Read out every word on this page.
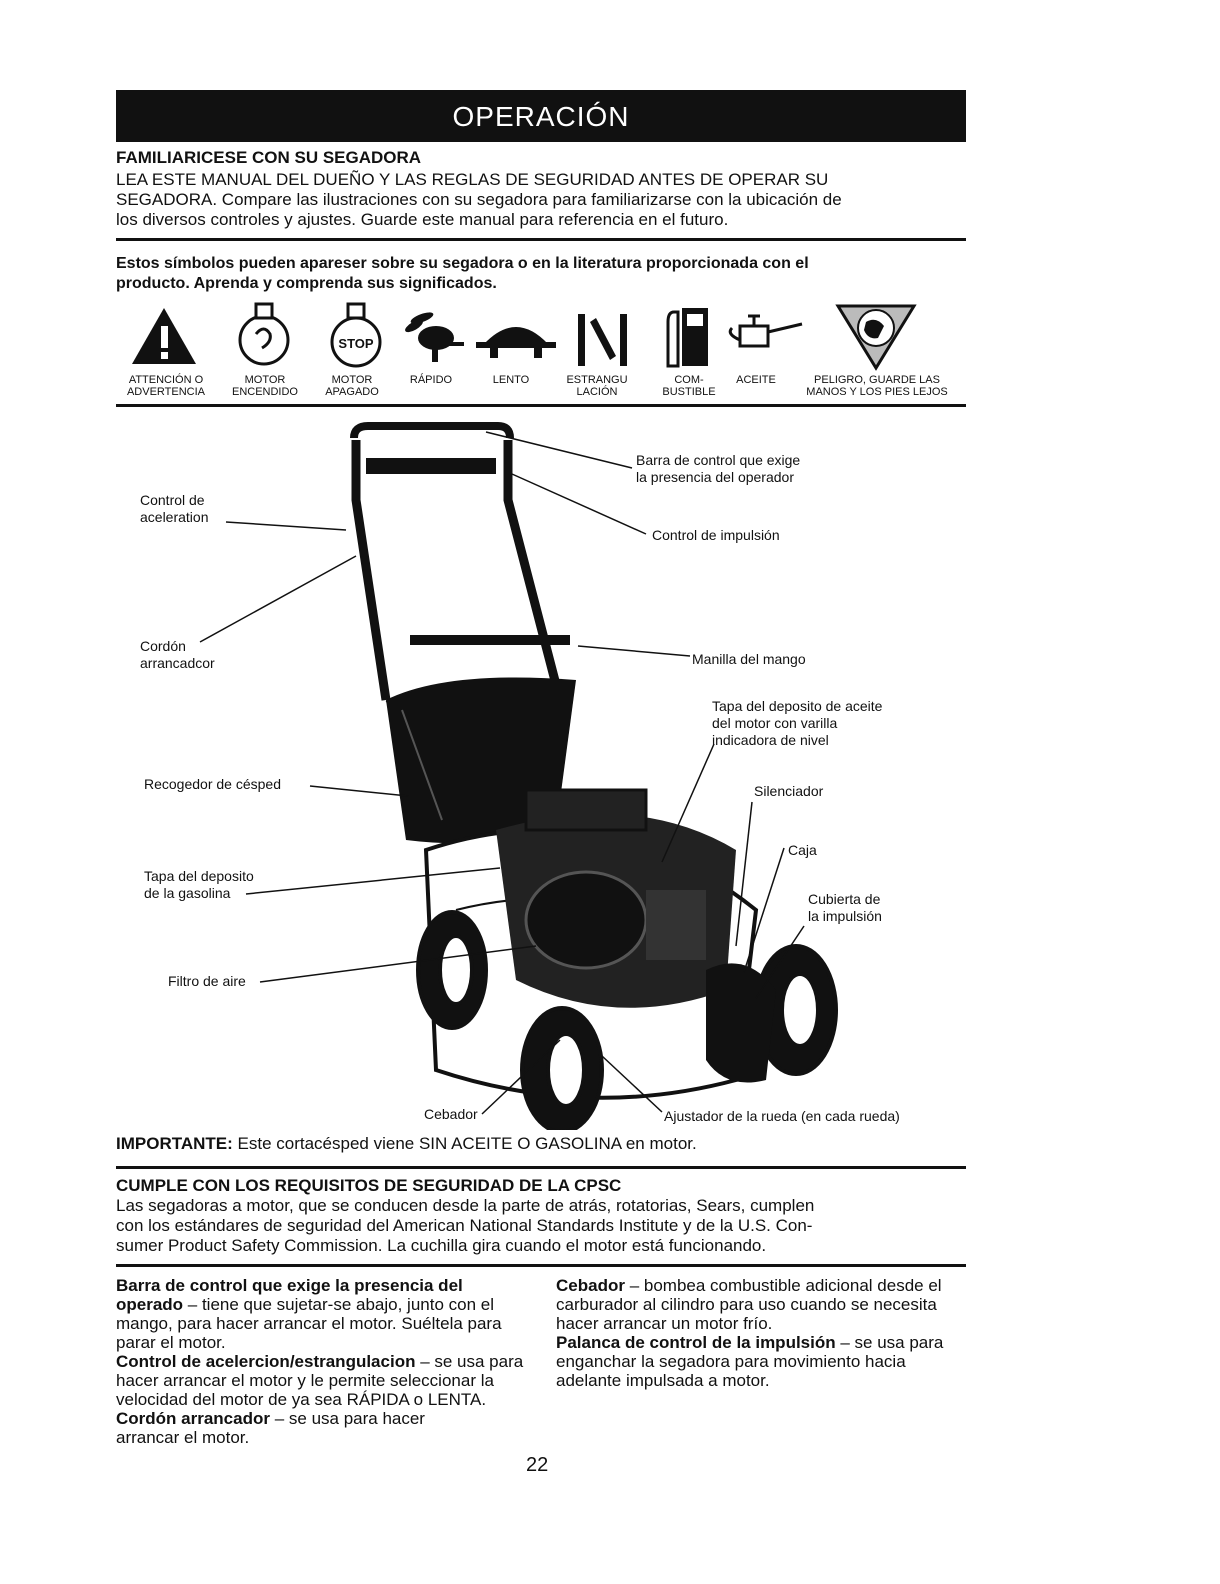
OPERACIÓN
FAMILIARICESE CON SU SEGADORA
LEA ESTE MANUAL DEL DUEÑO Y LAS REGLAS DE SEGURIDAD ANTES DE OPERAR SU
SEGADORA. Compare las ilustraciones con su segadora para familiarizarse con la ubicación de
los diversos controles y ajustes. Guarde este manual para referencia en el futuro.
Estos símbolos pueden apareser sobre su segadora o en la literatura proporcionada con el
producto. Aprenda y comprenda sus significados.
STOP
ATTENCIÓN O
ADVERTENCIA
MOTOR
ENCENDIDO
MOTOR
APAGADO
RÁPIDO	LENTO	ESTRANGU
LACIÓN
COM-
BUSTIBLE
ACEITE	PELIGRO, GUARDE LAS
MANOS Y LOS PIES LEJOS
Barra de control que exige
la presencia del operador
Control de impulsión
Control de
aceleration
Cordón
arrancadcor	Manilla del mango
Tapa del deposito de aceite
del motor con varilla
indicadora de nivel
Recogedor de césped	Silenciador
Caja
Tapa del deposito
de la gasolina	Cubierta de
la impulsión
Filtro de aire
Cebador	Ajustador de la rueda (en cada rueda)
IMPORTANTE: Este cortacésped viene SIN ACEITE O GASOLINA en motor.
CUMPLE CON LOS REQUISITOS DE SEGURIDAD DE LA CPSC
Las segadoras a motor, que se conducen desde la parte de atrás, rotatorias, Sears, cumplen
con los estándares de seguridad del American National Standards Institute y de la U.S. Con-
sumer Product Safety Commission. La cuchilla gira cuando el motor está funcionando.
Barra de control que exige la presencia del operado – tiene que sujetar-se abajo, junto con el mango, para hacer arrancar el motor. Suéltela para parar el motor.
Control de acelercion/estrangulacion – se usa para hacer arrancar el motor y le permite seleccionar la velocidad del motor de ya sea RÁPIDA o LENTA.
Cordón arrancador – se usa para hacer arrancar el motor.
Cebador – bombea combustible adicional desde el carburador al cilindro para uso cuando se necesita hacer arrancar un motor frío.
Palanca de control de la impulsión – se usa para enganchar la segadora para movimiento hacia adelante impulsada a motor.
22
